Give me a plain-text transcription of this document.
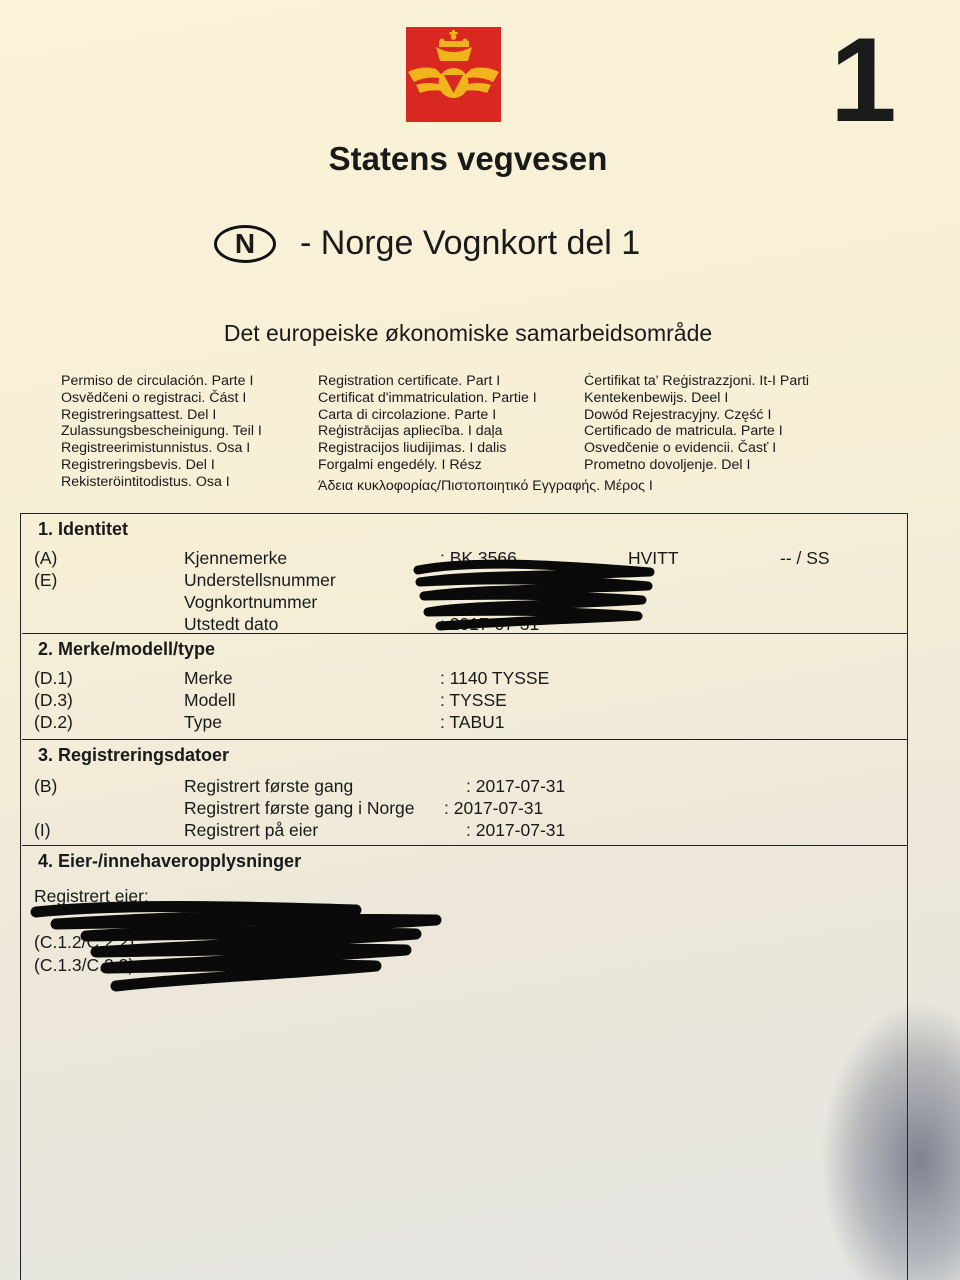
1
Statens vegvesen
N	- Norge Vognkort del 1
Det europeiske økonomiske samarbeidsområde
Permiso de circulación. Parte I
Osvědčeni o registraci. Část I
Registreringsattest. Del I
Zulassungsbescheinigung. Teil I
Registreerimistunnistus. Osa I
Registreringsbevis. Del I
Rekisteröintitodistus. Osa I
Registration certificate. Part I
Certificat d'immatriculation. Partie I
Carta di circolazione. Parte I
Reģistrācijas apliecība. I daļa
Registracijos liudijimas. I dalis
Forgalmi engedély. I Rész
Ċertifikat ta' Reġistrazzjoni. It-I Parti
Kentekenbewijs. Deel I
Dowód Rejestracyjny. Część I
Certificado de matricula. Parte I
Osvedčenie o evidencii. Časť I
Prometno dovoljenje. Del I
Άδεια κυκλοφορίας/Πιστοποιητικό Εγγραφής. Μέρος Ι
1. Identitet
(A)	Kjennemerke	: BK 3566	HVITT	-- / SS
(E)	Understellsnummer
Vognkortnummer
Utstedt dato	: 2017-07-31
2. Merke/modell/type
(D.1)	Merke	: 1140 TYSSE
(D.3)	Modell	: TYSSE
(D.2)	Type	: TABU1
3. Registreringsdatoer
(B)	Registrert første gang	: 2017-07-31
Registrert første gang i Norge : 2017-07-31
(I)	Registrert på eier	: 2017-07-31
4. Eier-/innehaveropplysninger
Registrert eier:
(C.1.2/C.2.2)
(C.1.3/C.2.3)
